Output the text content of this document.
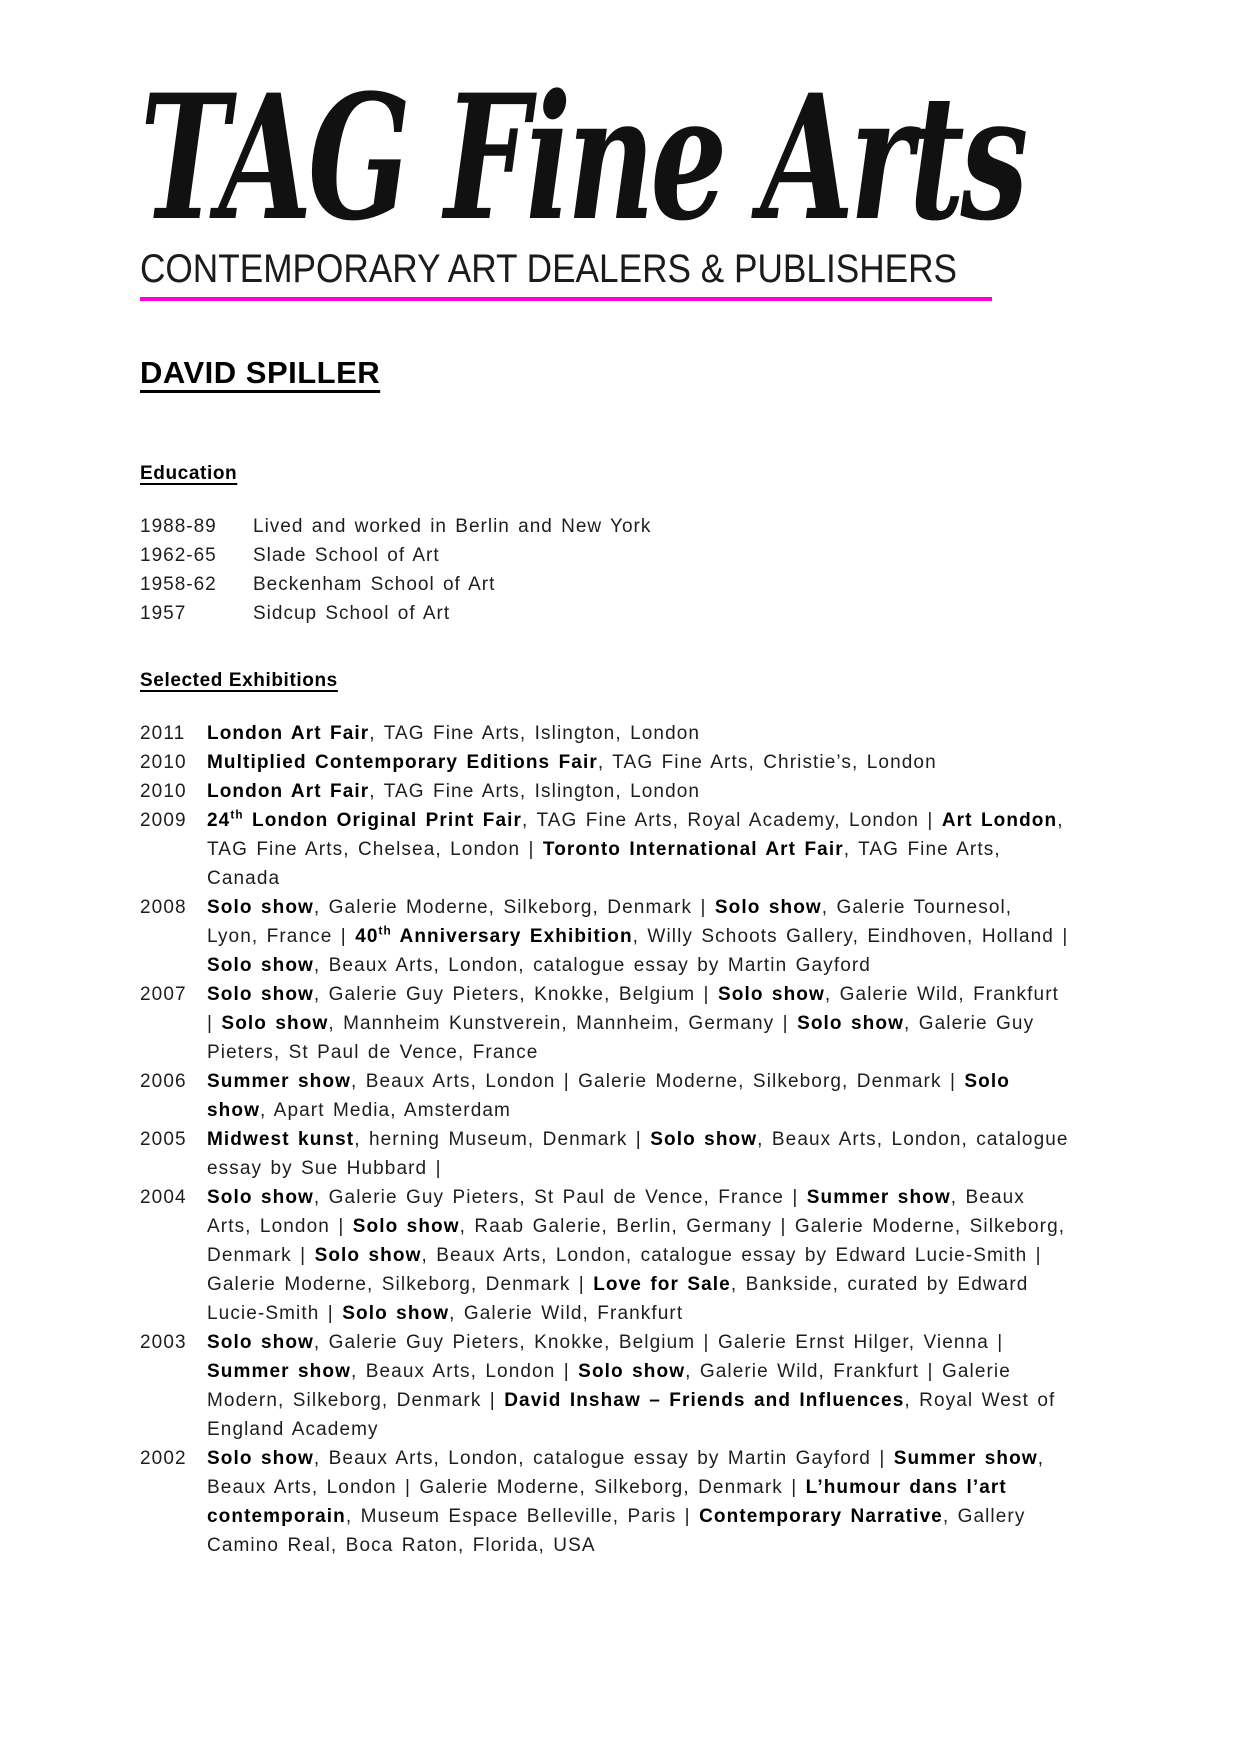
TAG Fine Arts
CONTEMPORARY ART DEALERS & PUBLISHERS
DAVID SPILLER
Education
1988-89	Lived and worked in Berlin and New York
1962-65	Slade School of Art
1958-62	Beckenham School of Art
1957	Sidcup School of Art
Selected Exhibitions
2011	London Art Fair, TAG Fine Arts, Islington, London
2010	Multiplied Contemporary Editions Fair, TAG Fine Arts, Christie’s, London
2010	London Art Fair, TAG Fine Arts, Islington, London
2009	24th London Original Print Fair, TAG Fine Arts, Royal Academy, London | Art London, TAG Fine Arts, Chelsea, London | Toronto International Art Fair, TAG Fine Arts, Canada
2008	Solo show, Galerie Moderne, Silkeborg, Denmark | Solo show, Galerie Tournesol, Lyon, France | 40th Anniversary Exhibition, Willy Schoots Gallery, Eindhoven, Holland | Solo show, Beaux Arts, London, catalogue essay by Martin Gayford
2007	Solo show, Galerie Guy Pieters, Knokke, Belgium | Solo show, Galerie Wild, Frankfurt | Solo show, Mannheim Kunstverein, Mannheim, Germany | Solo show, Galerie Guy Pieters, St Paul de Vence, France
2006	Summer show, Beaux Arts, London | Galerie Moderne, Silkeborg, Denmark | Solo show, Apart Media, Amsterdam
2005	Midwest kunst, herning Museum, Denmark | Solo show, Beaux Arts, London, catalogue essay by Sue Hubbard |
2004	Solo show, Galerie Guy Pieters, St Paul de Vence, France | Summer show, Beaux Arts, London | Solo show, Raab Galerie, Berlin, Germany | Galerie Moderne, Silkeborg, Denmark | Solo show, Beaux Arts, London, catalogue essay by Edward Lucie-Smith | Galerie Moderne, Silkeborg, Denmark | Love for Sale, Bankside, curated by Edward Lucie-Smith | Solo show, Galerie Wild, Frankfurt
2003	Solo show, Galerie Guy Pieters, Knokke, Belgium | Galerie Ernst Hilger, Vienna | Summer show, Beaux Arts, London | Solo show, Galerie Wild, Frankfurt | Galerie Modern, Silkeborg, Denmark | David Inshaw – Friends and Influences, Royal West of England Academy
2002	Solo show, Beaux Arts, London, catalogue essay by Martin Gayford | Summer show, Beaux Arts, London | Galerie Moderne, Silkeborg, Denmark | L’humour dans l’art contemporain, Museum Espace Belleville, Paris | Contemporary Narrative, Gallery Camino Real, Boca Raton, Florida, USA
